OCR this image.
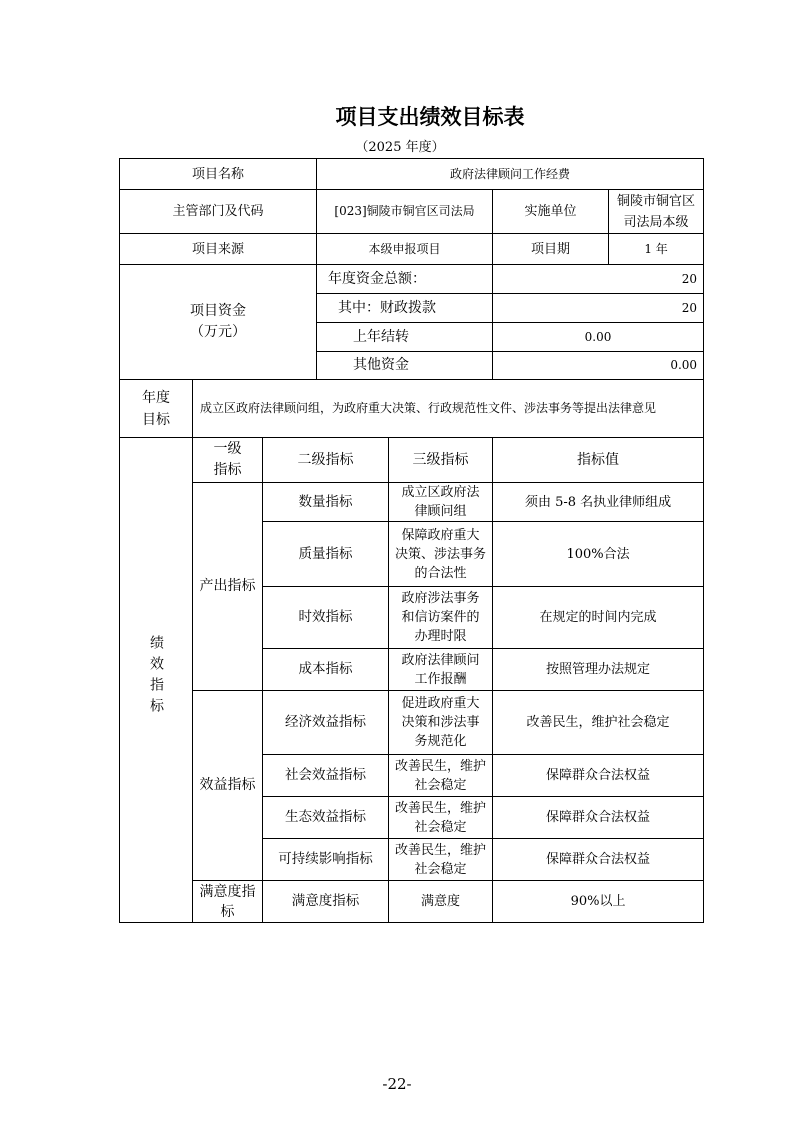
项目支出绩效目标表
（2025 年度）
项目名称			政府法律顾问工作经费			
主管部门及代码			[023]铜陵市铜官区司法局		实施单位	铜陵市铜官区
司法局本级
项目来源			本级申报项目		项目期	1 年
项目资金
（万元）			年度资金总额：		20	
			其中：财政拨款		20	
			上年结转		0.00	
			其他资金		0.00	
年度
目标	成立区政府法律顾问组，为政府重大决策、行政规范性文件、涉法事务等提出法律意见					
绩效指标	一级
指标	二级指标		三级指标	指标值	
	产出指标	数量指标		成立区政府法
律顾问组	须由 5-8 名执业律师组成	
		质量指标		保障政府重大
决策、涉法事务
的合法性	100%合法	
		时效指标		政府涉法事务
和信访案件的
办理时限	在规定的时间内完成	
		成本指标		政府法律顾问
工作报酬	按照管理办法规定	
	效益指标	经济效益指标		促进政府重大
决策和涉法事
务规范化	改善民生，维护社会稳定	
		社会效益指标		改善民生，维护
社会稳定	保障群众合法权益	
		生态效益指标		改善民生，维护
社会稳定	保障群众合法权益	
		可持续影响指标		改善民生，维护
社会稳定	保障群众合法权益	
	满意度指
标	满意度指标		满意度	90%以上	
-22-
